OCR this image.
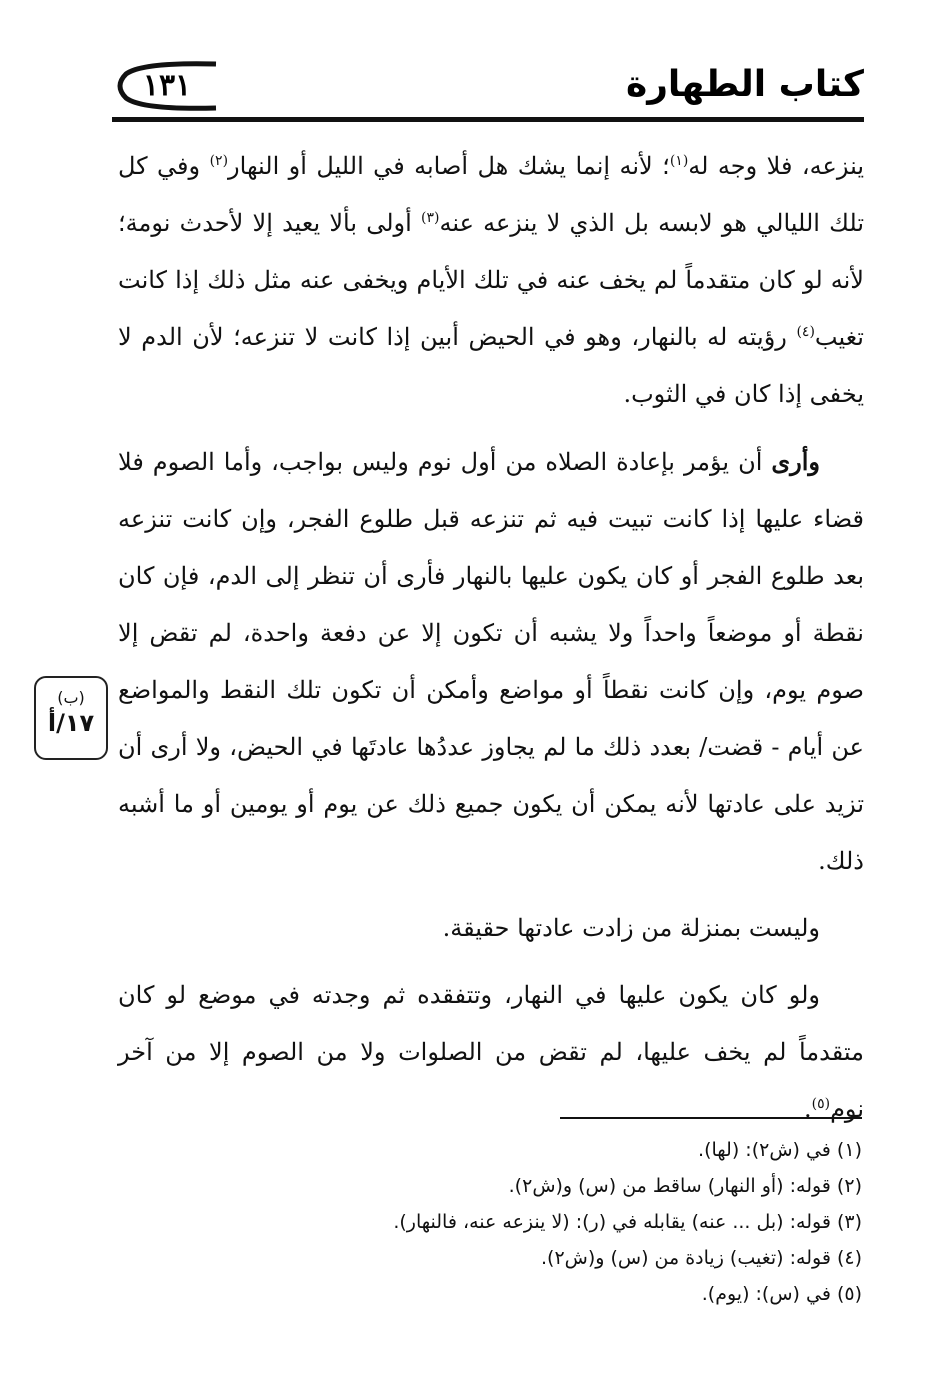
١٣١	كتاب الطهارة

ينزعه، فلا وجه له$^{(١)}$؛ لأنه إنما يشك هل أصابه في الليل أو النهار$^{(٢)}$ وفي كل تلك الليالي هو لابسه بل الذي لا ينزعه عنه$^{(٣)}$ أولى بألا يعيد إلا لأحدث نومة؛ لأنه لو كان متقدماً لم يخف عنه في تلك الأيام ويخفى عنه مثل ذلك إذا كانت تغيب$^{(٤)}$ رؤيته له بالنهار، وهو في الحيض أبين إذا كانت لا تنزعه؛ لأن الدم لا يخفى إذا كان في الثوب.

وأرى أن يؤمر بإعادة الصلاه من أول نوم وليس بواجب، وأما الصوم فلا قضاء عليها إذا كانت تبيت فيه ثم تنزعه قبل طلوع الفجر، وإن كانت تنزعه بعد طلوع الفجر أو كان يكون عليها بالنهار فأرى أن تنظر إلى الدم، فإن كان نقطة أو موضعاً واحداً ولا يشبه أن تكون إلا عن دفعة واحدة، لم تقض إلا صوم يوم، وإن كانت نقطاً أو مواضع وأمكن أن تكون تلك النقط والمواضع عن أيام - قضت/ بعدد ذلك ما لم يجاوز عددُها عادتَها في الحيض، ولا أرى أن تزيد على عادتها لأنه يمكن أن يكون جميع ذلك عن يوم أو يومين أو ما أشبه ذلك.

وليست بمنزلة من زادت عادتها حقيقة.

ولو كان يكون عليها في النهار، وتتفقده ثم وجدته في موضع لو كان متقدماً لم يخف عليها، لم تقض من الصلوات ولا من الصوم إلا من آخر نوم$^{(٥)}$.

(ب)
١٧/أ
(١) في (ش٢): (لها).
(٢) قوله: (أو النهار) ساقط من (س) و(ش٢).
(٣) قوله: (بل ... عنه) يقابله في (ر): (لا ينزعه عنه، فالنهار).
(٤) قوله: (تغيب) زيادة من (س) و(ش٢).
(٥) في (س): (يوم).
